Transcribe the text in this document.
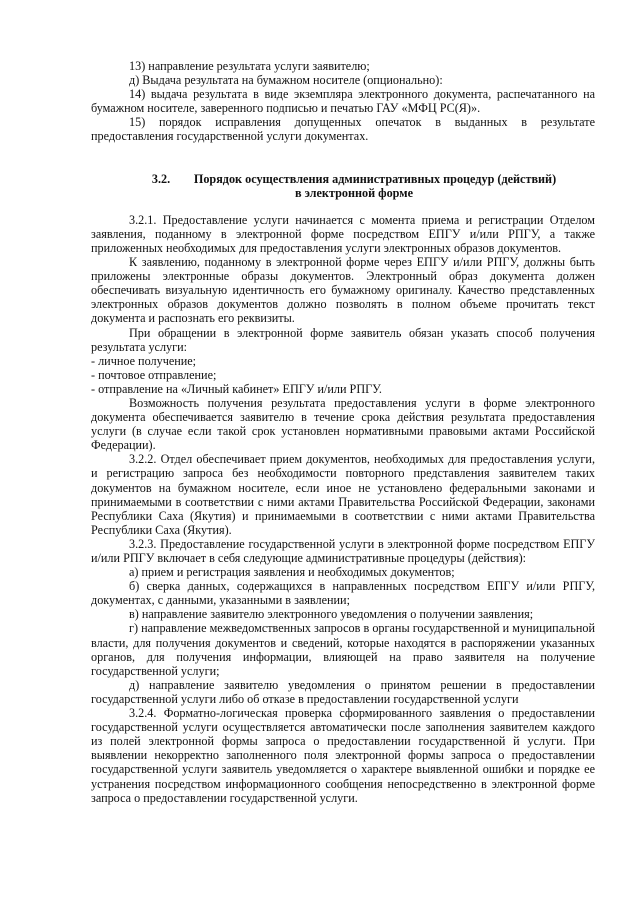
13) направление результата услуги заявителю;

д) Выдача результата на бумажном носителе (опционально):

14) выдача результата в виде экземпляра электронного документа, распечатанного на бумажном носителе, заверенного подписью и печатью ГАУ «МФЦ РС(Я)».

15) порядок исправления допущенных опечаток в выданных в результате предоставления государственной услуги документах.

3.2. Порядок осуществления административных процедур (действий)

в электронной форме

3.2.1. Предоставление услуги начинается с момента приема и регистрации Отделом заявления, поданному в электронной форме посредством ЕПГУ и/или РПГУ, а также приложенных необходимых для предоставления услуги электронных образов документов.

К заявлению, поданному в электронной форме через ЕПГУ и/или РПГУ, должны быть приложены электронные образы документов. Электронный образ документа должен обеспечивать визуальную идентичность его бумажному оригиналу. Качество представленных электронных образов документов должно позволять в полном объеме прочитать текст документа и распознать его реквизиты.

При обращении в электронной форме заявитель обязан указать способ получения результата услуги:

- личное получение;

- почтовое отправление;

- отправление на «Личный кабинет» ЕПГУ и/или РПГУ.

Возможность получения результата предоставления услуги в форме электронного документа обеспечивается заявителю в течение срока действия результата предоставления услуги (в случае если такой срок установлен нормативными правовыми актами Российской Федерации).

3.2.2. Отдел обеспечивает прием документов, необходимых для предоставления услуги, и регистрацию запроса без необходимости повторного представления заявителем таких документов на бумажном носителе, если иное не установлено федеральными законами и принимаемыми в соответствии с ними актами Правительства Российской Федерации, законами Республики Саха (Якутия) и принимаемыми в соответствии с ними актами Правительства Республики Саха (Якутия).

3.2.3. Предоставление государственной услуги в электронной форме посредством ЕПГУ и/или РПГУ включает в себя следующие административные процедуры (действия):

а) прием и регистрация заявления и необходимых документов;

б) сверка данных, содержащихся в направленных посредством ЕПГУ и/или РПГУ, документах, с данными, указанными в заявлении;

в) направление заявителю электронного уведомления о получении заявления;

г) направление межведомственных запросов в органы государственной и муниципальной власти, для получения документов и сведений, которые находятся в распоряжении указанных органов, для получения информации, влияющей на право заявителя на получение государственной услуги;

д) направление заявителю уведомления о принятом решении в предоставлении государственной услуги либо об отказе в предоставлении государственной услуги

3.2.4. Форматно-логическая проверка сформированного заявления о предоставлении государственной услуги осуществляется автоматически после заполнения заявителем каждого из полей электронной формы запроса о предоставлении государственной й услуги. При выявлении некорректно заполненного поля электронной формы запроса о предоставлении государственной услуги заявитель уведомляется о характере выявленной ошибки и порядке ее устранения посредством информационного сообщения непосредственно в электронной форме запроса о предоставлении государственной услуги.
